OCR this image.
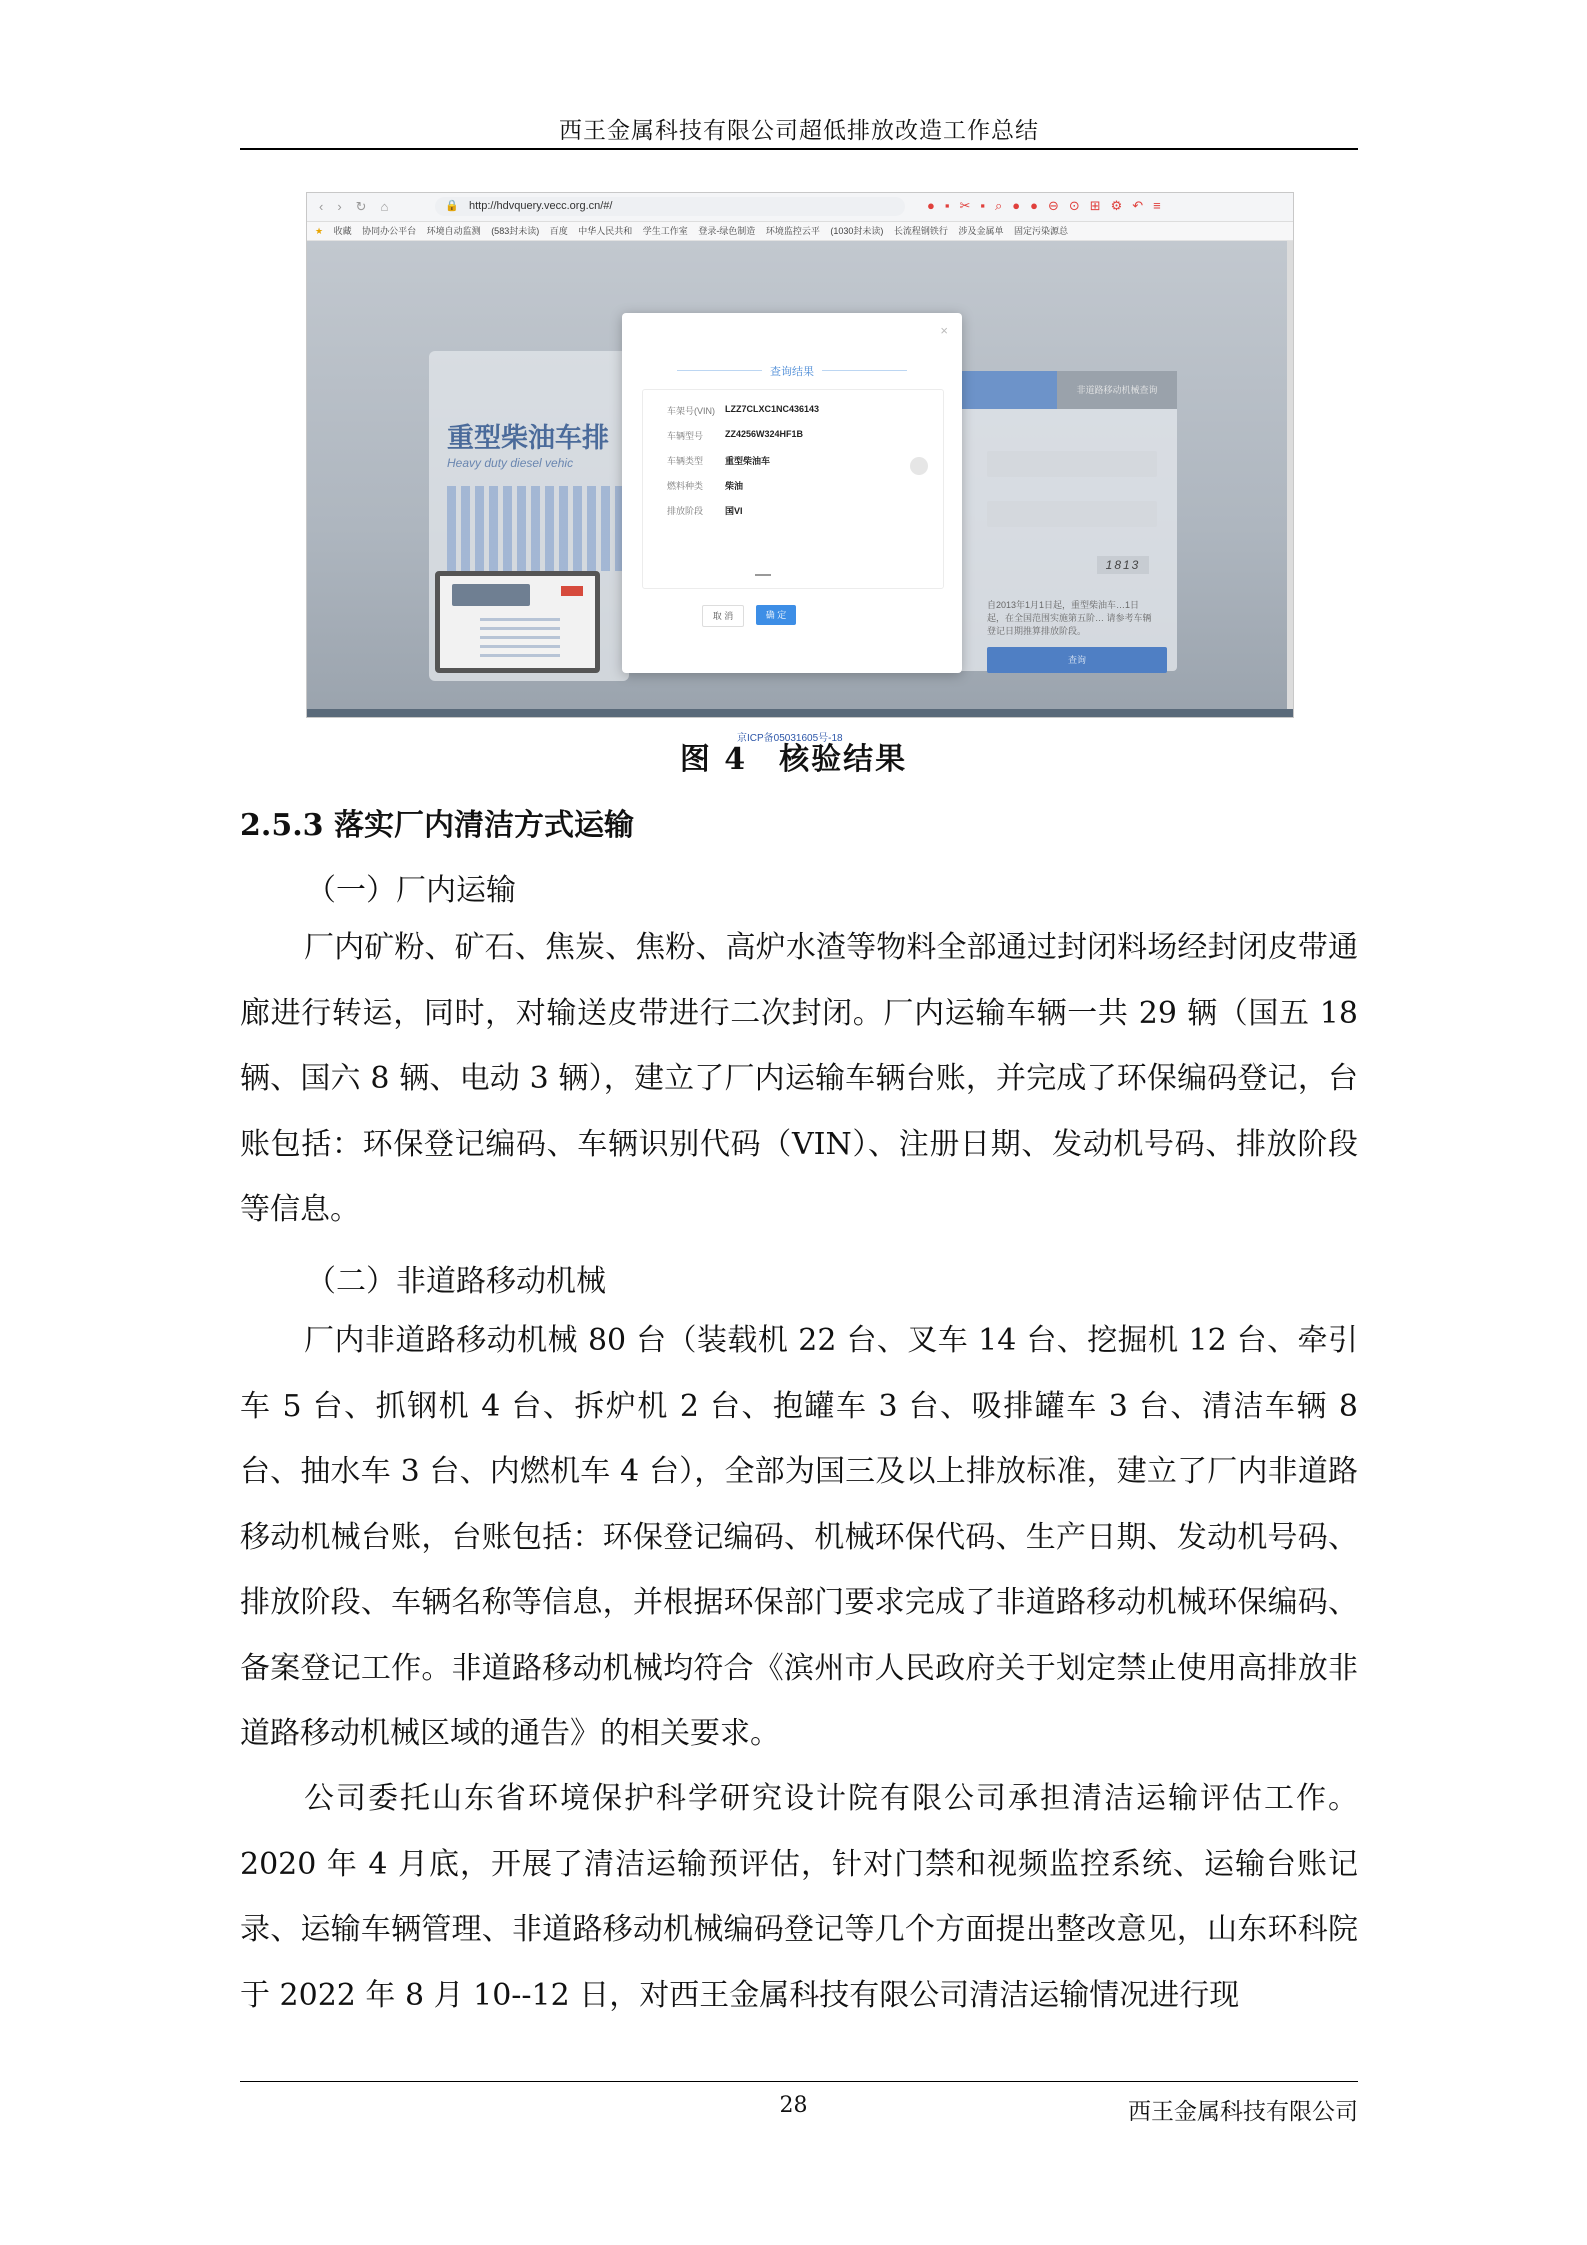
西王金属科技有限公司超低排放改造工作总结
‹›↻⌂	🔒 http://hdvquery.vecc.org.cn/#/	●▪✂▪⌕●●⊖⊙⊞⚙↶≡
★ 收藏 协同办公平台 环境自动监测 (583封未读) 百度 中华人民共和 学生工作室 登录-绿色制造 环境监控云平 (1030封未读) 长流程钢铁行 涉及金属单 固定污染源总
重型柴油车排
Heavy duty diesel vehic
非道路移动机械查询
1813
自2013年1月1日起，重型柴油车…1日 起，在全国范围实施第五阶… 请参考车辆登记日期推算排放阶段。
查询
京ICP备05031605号-18
×
查询结果
车架号(VIN) LZZ7CLXC1NC436143
车辆型号 ZZ4256W324HF1B
车辆类型 重型柴油车
燃料种类 柴油
排放阶段 国VI
取 消	确 定
图 4　核验结果
2.5.3 落实厂内清洁方式运输
（一）厂内运输

厂内矿粉、矿石、焦炭、焦粉、高炉水渣等物料全部通过封闭料场经封闭皮带通廊进行转运，同时，对输送皮带进行二次封闭。厂内运输车辆一共 29 辆（国五 18 辆、国六 8 辆、电动 3 辆），建立了厂内运输车辆台账，并完成了环保编码登记，台账包括：环保登记编码、车辆识别代码（VIN）、注册日期、发动机号码、排放阶段等信息。

（二）非道路移动机械

厂内非道路移动机械 80 台（装载机 22 台、叉车 14 台、挖掘机 12 台、牵引车 5 台、抓钢机 4 台、拆炉机 2 台、抱罐车 3 台、吸排罐车 3 台、清洁车辆 8 台、抽水车 3 台、内燃机车 4 台），全部为国三及以上排放标准，建立了厂内非道路移动机械台账，台账包括：环保登记编码、机械环保代码、生产日期、发动机号码、排放阶段、车辆名称等信息，并根据环保部门要求完成了非道路移动机械环保编码、备案登记工作。非道路移动机械均符合《滨州市人民政府关于划定禁止使用高排放非道路移动机械区域的通告》的相关要求。

公司委托山东省环境保护科学研究设计院有限公司承担清洁运输评估工作。2020 年 4 月底，开展了清洁运输预评估，针对门禁和视频监控系统、运输台账记录、运输车辆管理、非道路移动机械编码登记等几个方面提出整改意见，山东环科院于 2022 年 8 月 10--12 日，对西王金属科技有限公司清洁运输情况进行现

28	西王金属科技有限公司
